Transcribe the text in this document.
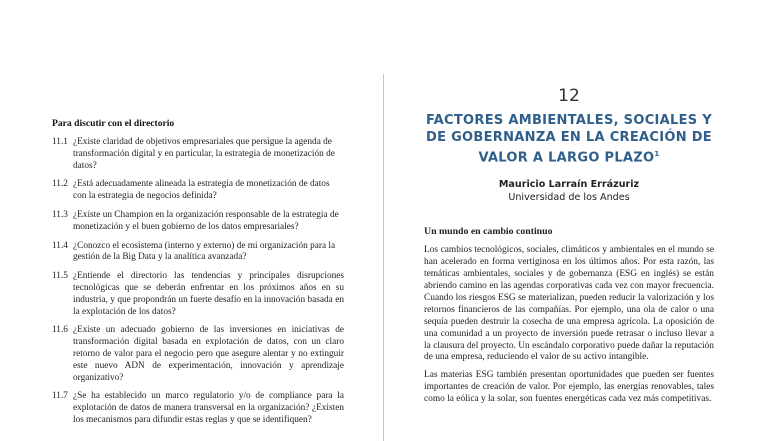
Para discutir con el directorio
11.1 ¿Existe claridad de objetivos empresariales que persigue la agenda de transformación digital y en particular, la estrategia de monetización de datos?
11.2 ¿Está adecuadamente alineada la estrategia de monetización de datos con la estrategia de negocios definida?
11.3 ¿Existe un Champion en la organización responsable de la estrategia de monetización y el buen gobierno de los datos empresariales?
11.4 ¿Conozco el ecosistema (interno y externo) de mi organización para la gestión de la Big Data y la analítica avanzada?
11.5 ¿Entiende el directorio las tendencias y principales disrupciones tecnológicas que se deberán enfrentar en los próximos años en su industria, y que propondrán un fuerte desafío en la innovación basada en la explotación de los datos?
11.6 ¿Existe un adecuado gobierno de las inversiones en iniciativas de transformación digital basada en explotación de datos, con un claro retorno de valor para el negocio pero que asegure alentar y no extinguir este nuevo ADN de experimentación, innovación y aprendizaje organizativo?
11.7 ¿Se ha establecido un marco regulatorio y/o de compliance para la explotación de datos de manera transversal en la organización? ¿Existen los mecanismos para difundir estas reglas y que se identifiquen?
12
FACTORES AMBIENTALES, SOCIALES Y DE GOBERNANZA EN LA CREACIÓN DE VALOR A LARGO PLAZO$^1$
Mauricio Larraín Errázuriz
Universidad de los Andes
Un mundo en cambio continuo
Los cambios tecnológicos, sociales, climáticos y ambientales en el mundo se han acelerado en forma vertiginosa en los últimos años. Por esta razón, las temáticas ambientales, sociales y de gobernanza (ESG en inglés) se están abriendo camino en las agendas corporativas cada vez con mayor frecuencia. Cuando los riesgos ESG se materializan, pueden reducir la valorización y los retornos financieros de las compañías. Por ejemplo, una ola de calor o una sequía pueden destruir la cosecha de una empresa agrícola. La oposición de una comunidad a un proyecto de inversión puede retrasar o incluso llevar a la clausura del proyecto. Un escándalo corporativo puede dañar la reputación de una empresa, reduciendo el valor de su activo intangible.
Las materias ESG también presentan oportunidades que pueden ser fuentes importantes de creación de valor. Por ejemplo, las energías renovables, tales como la eólica y la solar, son fuentes energéticas cada vez más competitivas.
